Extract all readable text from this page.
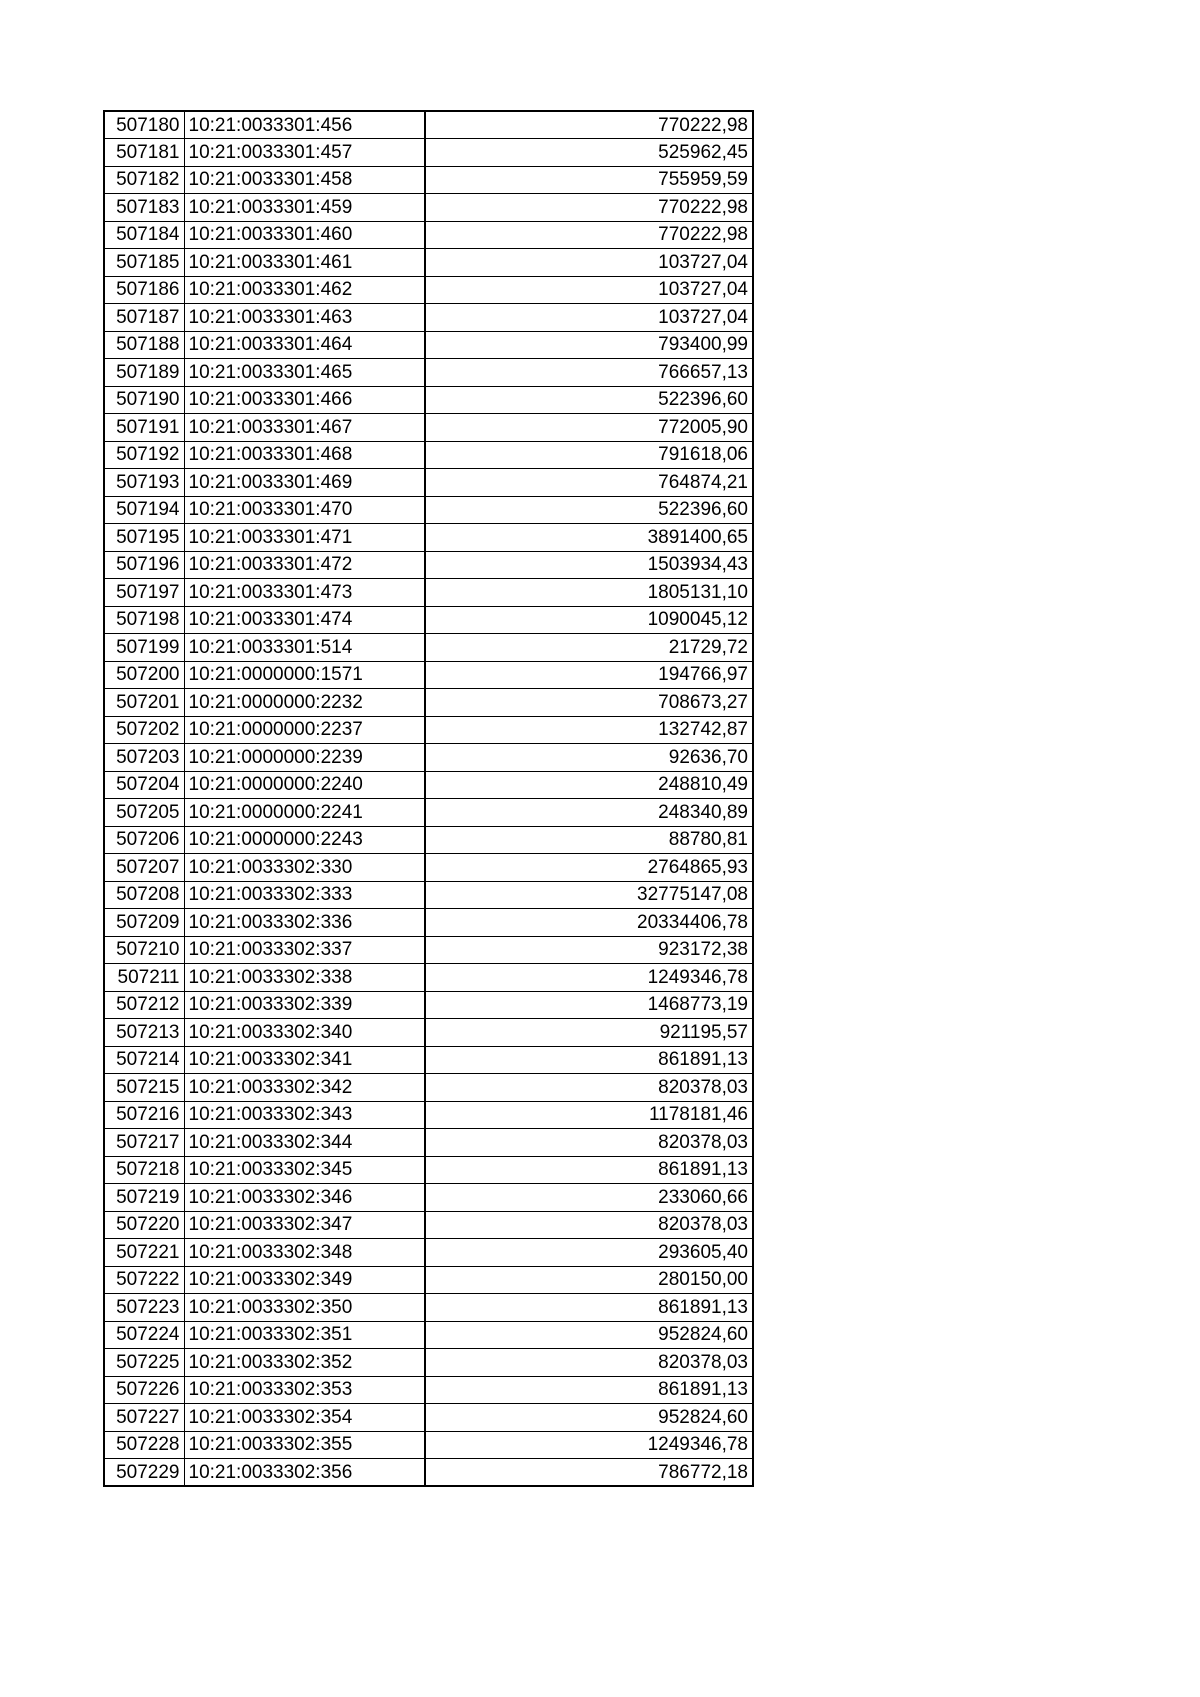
507180	10:21:0033301:456	770222,98
507181	10:21:0033301:457	525962,45
507182	10:21:0033301:458	755959,59
507183	10:21:0033301:459	770222,98
507184	10:21:0033301:460	770222,98
507185	10:21:0033301:461	103727,04
507186	10:21:0033301:462	103727,04
507187	10:21:0033301:463	103727,04
507188	10:21:0033301:464	793400,99
507189	10:21:0033301:465	766657,13
507190	10:21:0033301:466	522396,60
507191	10:21:0033301:467	772005,90
507192	10:21:0033301:468	791618,06
507193	10:21:0033301:469	764874,21
507194	10:21:0033301:470	522396,60
507195	10:21:0033301:471	3891400,65
507196	10:21:0033301:472	1503934,43
507197	10:21:0033301:473	1805131,10
507198	10:21:0033301:474	1090045,12
507199	10:21:0033301:514	21729,72
507200	10:21:0000000:1571	194766,97
507201	10:21:0000000:2232	708673,27
507202	10:21:0000000:2237	132742,87
507203	10:21:0000000:2239	92636,70
507204	10:21:0000000:2240	248810,49
507205	10:21:0000000:2241	248340,89
507206	10:21:0000000:2243	88780,81
507207	10:21:0033302:330	2764865,93
507208	10:21:0033302:333	32775147,08
507209	10:21:0033302:336	20334406,78
507210	10:21:0033302:337	923172,38
507211	10:21:0033302:338	1249346,78
507212	10:21:0033302:339	1468773,19
507213	10:21:0033302:340	921195,57
507214	10:21:0033302:341	861891,13
507215	10:21:0033302:342	820378,03
507216	10:21:0033302:343	1178181,46
507217	10:21:0033302:344	820378,03
507218	10:21:0033302:345	861891,13
507219	10:21:0033302:346	233060,66
507220	10:21:0033302:347	820378,03
507221	10:21:0033302:348	293605,40
507222	10:21:0033302:349	280150,00
507223	10:21:0033302:350	861891,13
507224	10:21:0033302:351	952824,60
507225	10:21:0033302:352	820378,03
507226	10:21:0033302:353	861891,13
507227	10:21:0033302:354	952824,60
507228	10:21:0033302:355	1249346,78
507229	10:21:0033302:356	786772,18
